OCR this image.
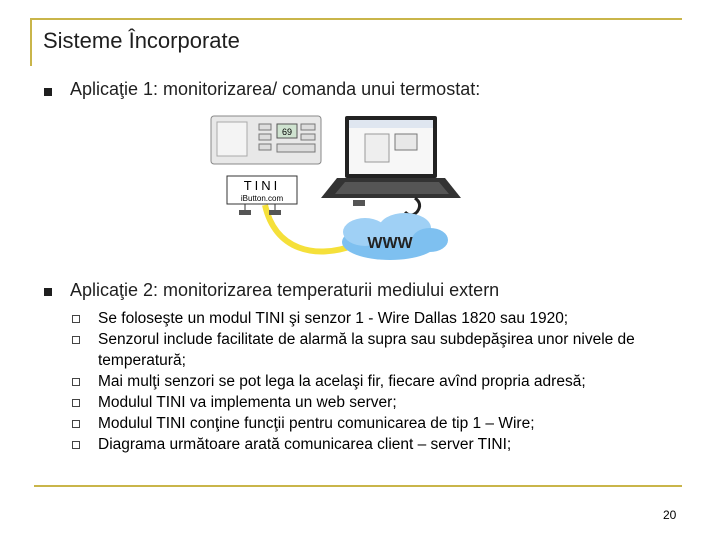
Sisteme Încorporate
Aplicaţie 1: monitorizarea/ comanda unui termostat:
69
TINI
iButton.com
WWW
Aplicaţie 2: monitorizarea temperaturii mediului extern
Se foloseşte un modul TINI şi senzor 1 - Wire Dallas 1820 sau 1920;
Senzorul include facilitate de alarmă la supra sau subdepăşirea unor nivele de temperatură;
Mai mulţi senzori se pot lega la acelaşi fir, fiecare avînd propria adresă;
Modulul TINI va implementa un web server;
Modulul TINI conţine funcţii pentru comunicarea de tip 1 – Wire;
Diagrama următoare arată comunicarea client – server TINI;
20
